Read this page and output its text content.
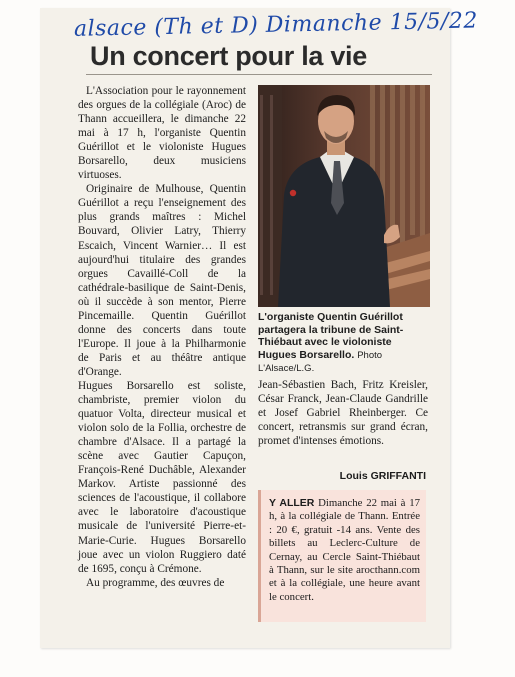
alsace (Th et D) Dimanche 15/5/22
Un concert pour la vie

L'Association pour le rayonnement des orgues de la collégiale (Aroc) de Thann accueillera, le dimanche 22 mai à 17 h, l'organiste Quentin Guérillot et le violoniste Hugues Borsarello, deux musiciens virtuoses.

Originaire de Mulhouse, Quentin Guérillot a reçu l'enseignement des plus grands maîtres : Michel Bouvard, Olivier Latry, Thierry Escaich, Vincent Warnier… Il est aujourd'hui titulaire des grandes orgues Cavaillé-Coll de la cathédrale-basilique de Saint-Denis, où il succède à son mentor, Pierre Pincemaille. Quentin Guérillot donne des concerts dans toute l'Europe. Il joue à la Philharmonie de Paris et au théâtre antique d'Orange.

Hugues Borsarello est soliste, chambriste, premier violon du quatuor Volta, directeur musical et violon solo de la Follia, orchestre de chambre d'Alsace. Il a partagé la scène avec Gautier Capuçon, François-René Duchâble, Alexander Markov. Artiste passionné des sciences de l'acoustique, il collabore avec le laboratoire d'acoustique musicale de l'université Pierre-et-Marie-Curie. Hugues Borsarello joue avec un violon Ruggiero daté de 1695, conçu à Crémone.

Au programme, des œuvres de

L'organiste Quentin Guérillot partagera la tribune de Saint-Thiébaut avec le violoniste Hugues Borsarello. Photo L'Alsace/L.G.

Jean-Sébastien Bach, Fritz Kreisler, César Franck, Jean-Claude Gandrille et Josef Gabriel Rheinberger. Ce concert, retransmis sur grand écran, promet d'intenses émotions.

Louis GRIFFANTI
Y ALLER Dimanche 22 mai à 17 h, à la collégiale de Thann. Entrée : 20 €, gratuit -14 ans. Vente des billets au Leclerc-Culture de Cernay, au Cercle Saint-Thiébaut à Thann, sur le site arocthann.com et à la collégiale, une heure avant le concert.
